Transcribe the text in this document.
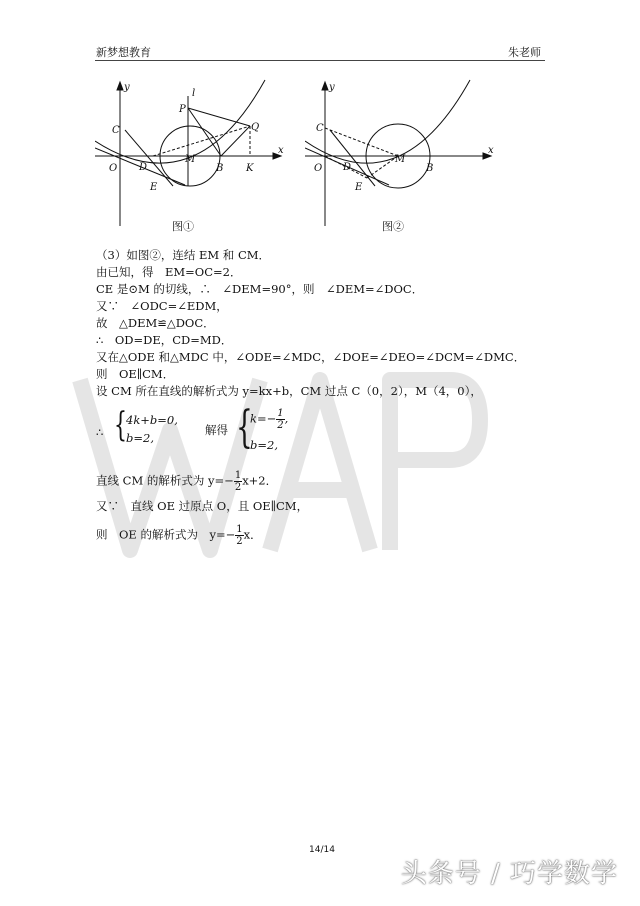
新梦想教育	朱老师
y
x
l
P
Q
C
O D
M
B K
E
图①
y
x
C
O D
M
B
E
图②
（3）如图②，连结 EM 和 CM．
由已知，得　EM=OC=2．
CE 是⊙M 的切线，∴　∠DEM=90°，则　∠DEM=∠DOC．
又∵　∠ODC=∠EDM，
故　△DEM≌△DOC．
∴　OD=DE，CD=MD．
又在△ODE 和△MDC 中，∠ODE=∠MDC，∠DOE=∠DEO=∠DCM=∠DMC．
则　OE∥CM．
设 CM 所在直线的解析式为 y=kx+b，CM 过点 C（0，2），M（4，0），
∴ { 4k+b=0,
b=2,
解得 {
$k=- \frac{1}{2}$ ,
b=2,
直线 CM 的解析式为 $y=- \frac{1}{2} x+2$．
又∵　直线 OE 过原点 O，且 OE∥CM，
则　OE 的解析式为　$y=- \frac{1}{2}$ x．
14/14
头条号 / 巧学数学
